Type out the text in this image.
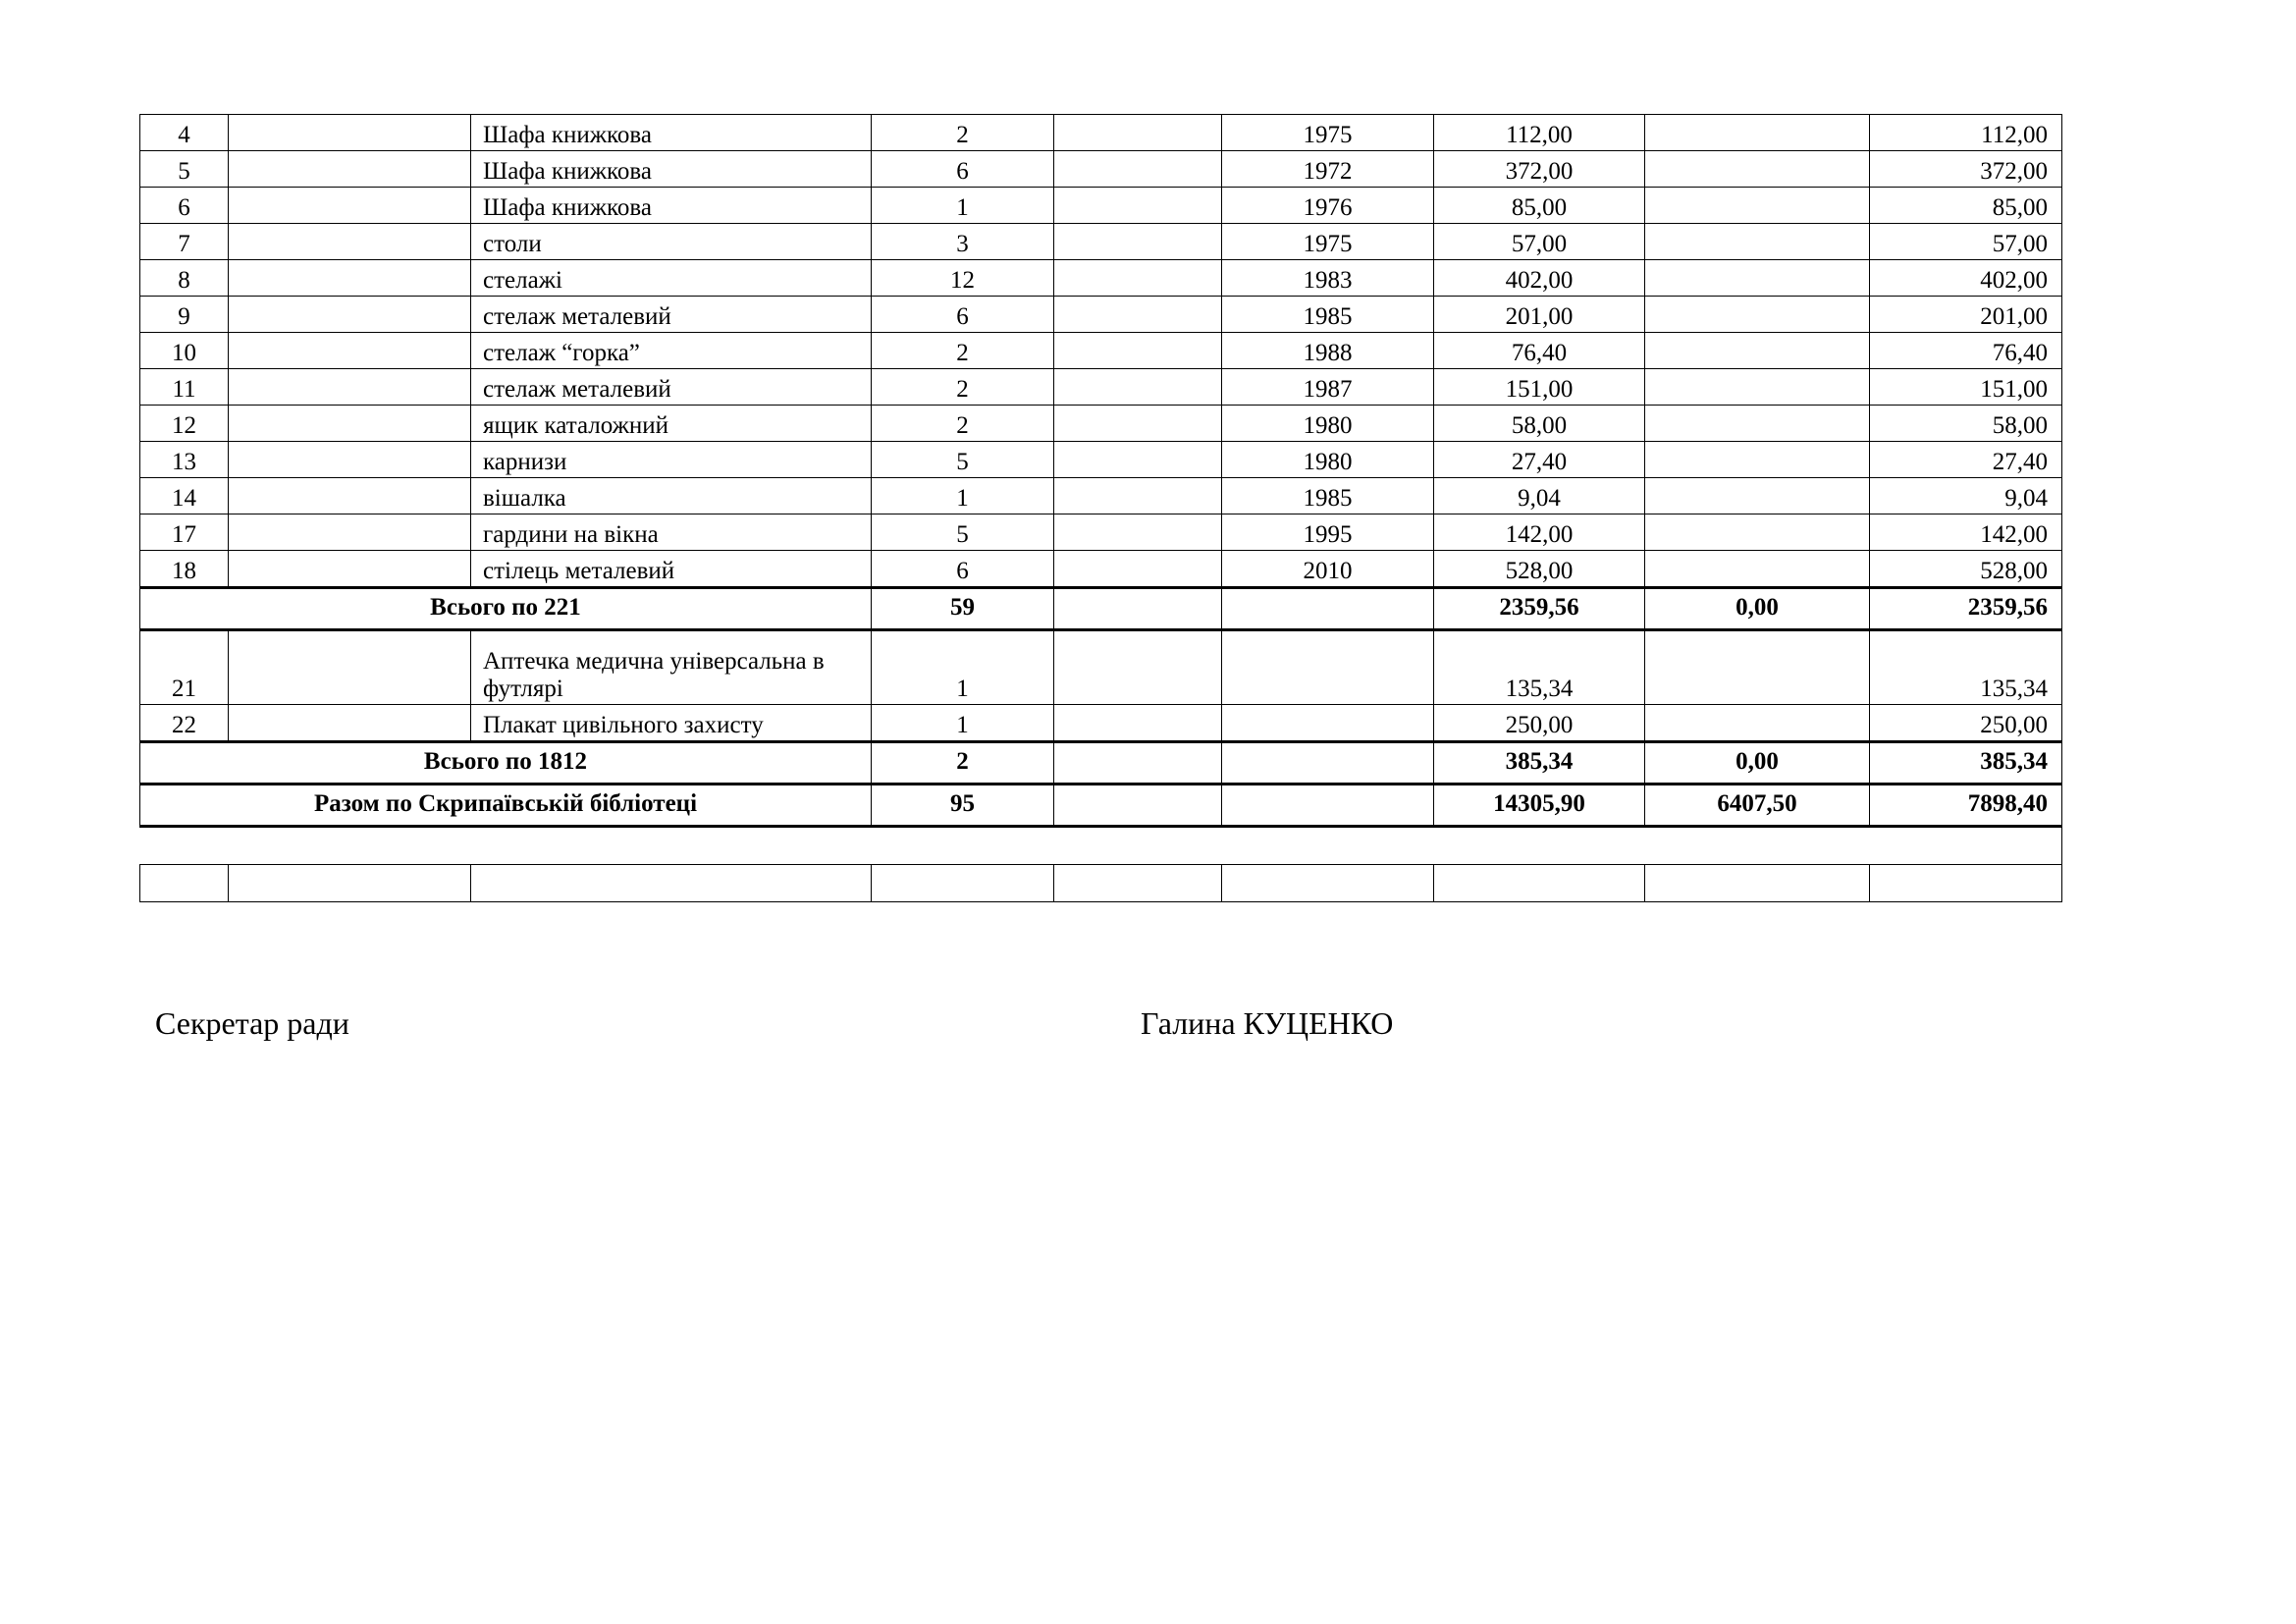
4		Шафа книжкова	2		1975	112,00		112,00
5		Шафа книжкова	6		1972	372,00		372,00
6		Шафа книжкова	1		1976	85,00		85,00
7		столи	3		1975	57,00		57,00
8		стелажі	12		1983	402,00		402,00
9		стелаж металевий	6		1985	201,00		201,00
10		стелаж “горка”	2		1988	76,40		76,40
11		стелаж металевий	2		1987	151,00		151,00
12		ящик каталожний	2		1980	58,00		58,00
13		карнизи	5		1980	27,40		27,40
14		вішалка	1		1985	9,04		9,04
17		гардини на вікна	5		1995	142,00		142,00
18		стілець металевий	6		2010	528,00		528,00
Всього по 221			59			2359,56	0,00	2359,56
21		Аптечка медична універсальна в футлярі	1			135,34		135,34
22		Плакат цивільного захисту	1			250,00		250,00
Всього по 1812			2			385,34	0,00	385,34
Разом по Скрипаївській бібліотеці			95			14305,90	6407,50	7898,40

Секретар ради	Галина КУЦЕНКО
